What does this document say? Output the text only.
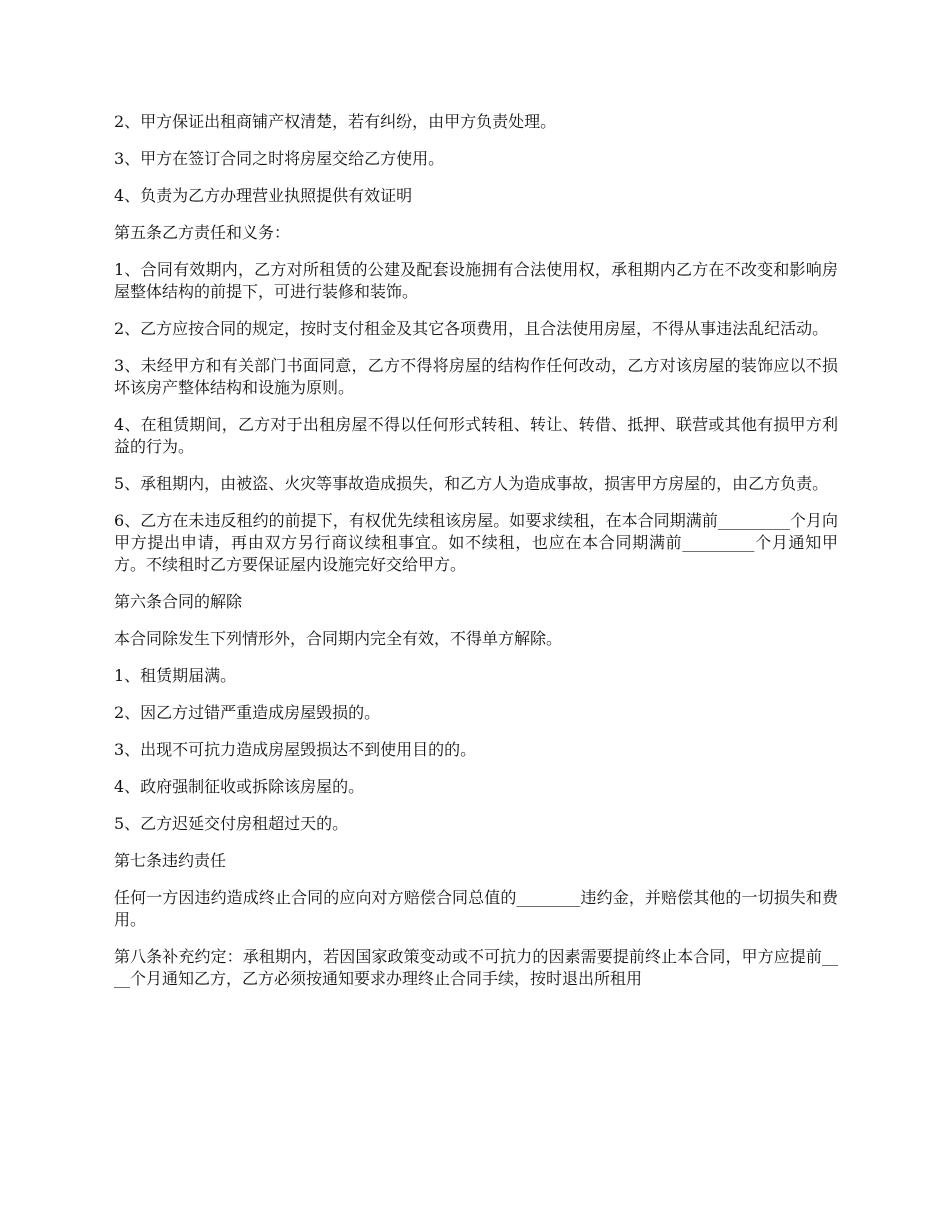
2、甲方保证出租商铺产权清楚，若有纠纷，由甲方负责处理。

3、甲方在签订合同之时将房屋交给乙方使用。

4、负责为乙方办理营业执照提供有效证明

第五条乙方责任和义务：

1、合同有效期内，乙方对所租赁的公建及配套设施拥有合法使用权，承租期内乙方在不改变和影响房屋整体结构的前提下，可进行装修和装饰。

2、乙方应按合同的规定，按时支付租金及其它各项费用，且合法使用房屋，不得从事违法乱纪活动。

3、未经甲方和有关部门书面同意，乙方不得将房屋的结构作任何改动，乙方对该房屋的装饰应以不损坏该房产整体结构和设施为原则。

4、在租赁期间，乙方对于出租房屋不得以任何形式转租、转让、转借、抵押、联营或其他有损甲方利益的行为。

5、承租期内，由被盗、火灾等事故造成损失，和乙方人为造成事故，损害甲方房屋的，由乙方负责。

6、乙方在未违反租约的前提下，有权优先续租该房屋。如要求续租，在本合同期满前_________个月向甲方提出申请，再由双方另行商议续租事宜。如不续租，也应在本合同期满前_________个月通知甲方。不续租时乙方要保证屋内设施完好交给甲方。

第六条合同的解除

本合同除发生下列情形外，合同期内完全有效，不得单方解除。

1、租赁期届满。

2、因乙方过错严重造成房屋毁损的。

3、出现不可抗力造成房屋毁损达不到使用目的的。

4、政府强制征收或拆除该房屋的。

5、乙方迟延交付房租超过天的。

第七条违约责任

任何一方因违约造成终止合同的应向对方赔偿合同总值的________违约金，并赔偿其他的一切损失和费用。

第八条补充约定：承租期内，若因国家政策变动或不可抗力的因素需要提前终止本合同，甲方应提前____个月通知乙方，乙方必须按通知要求办理终止合同手续，按时退出所租用
